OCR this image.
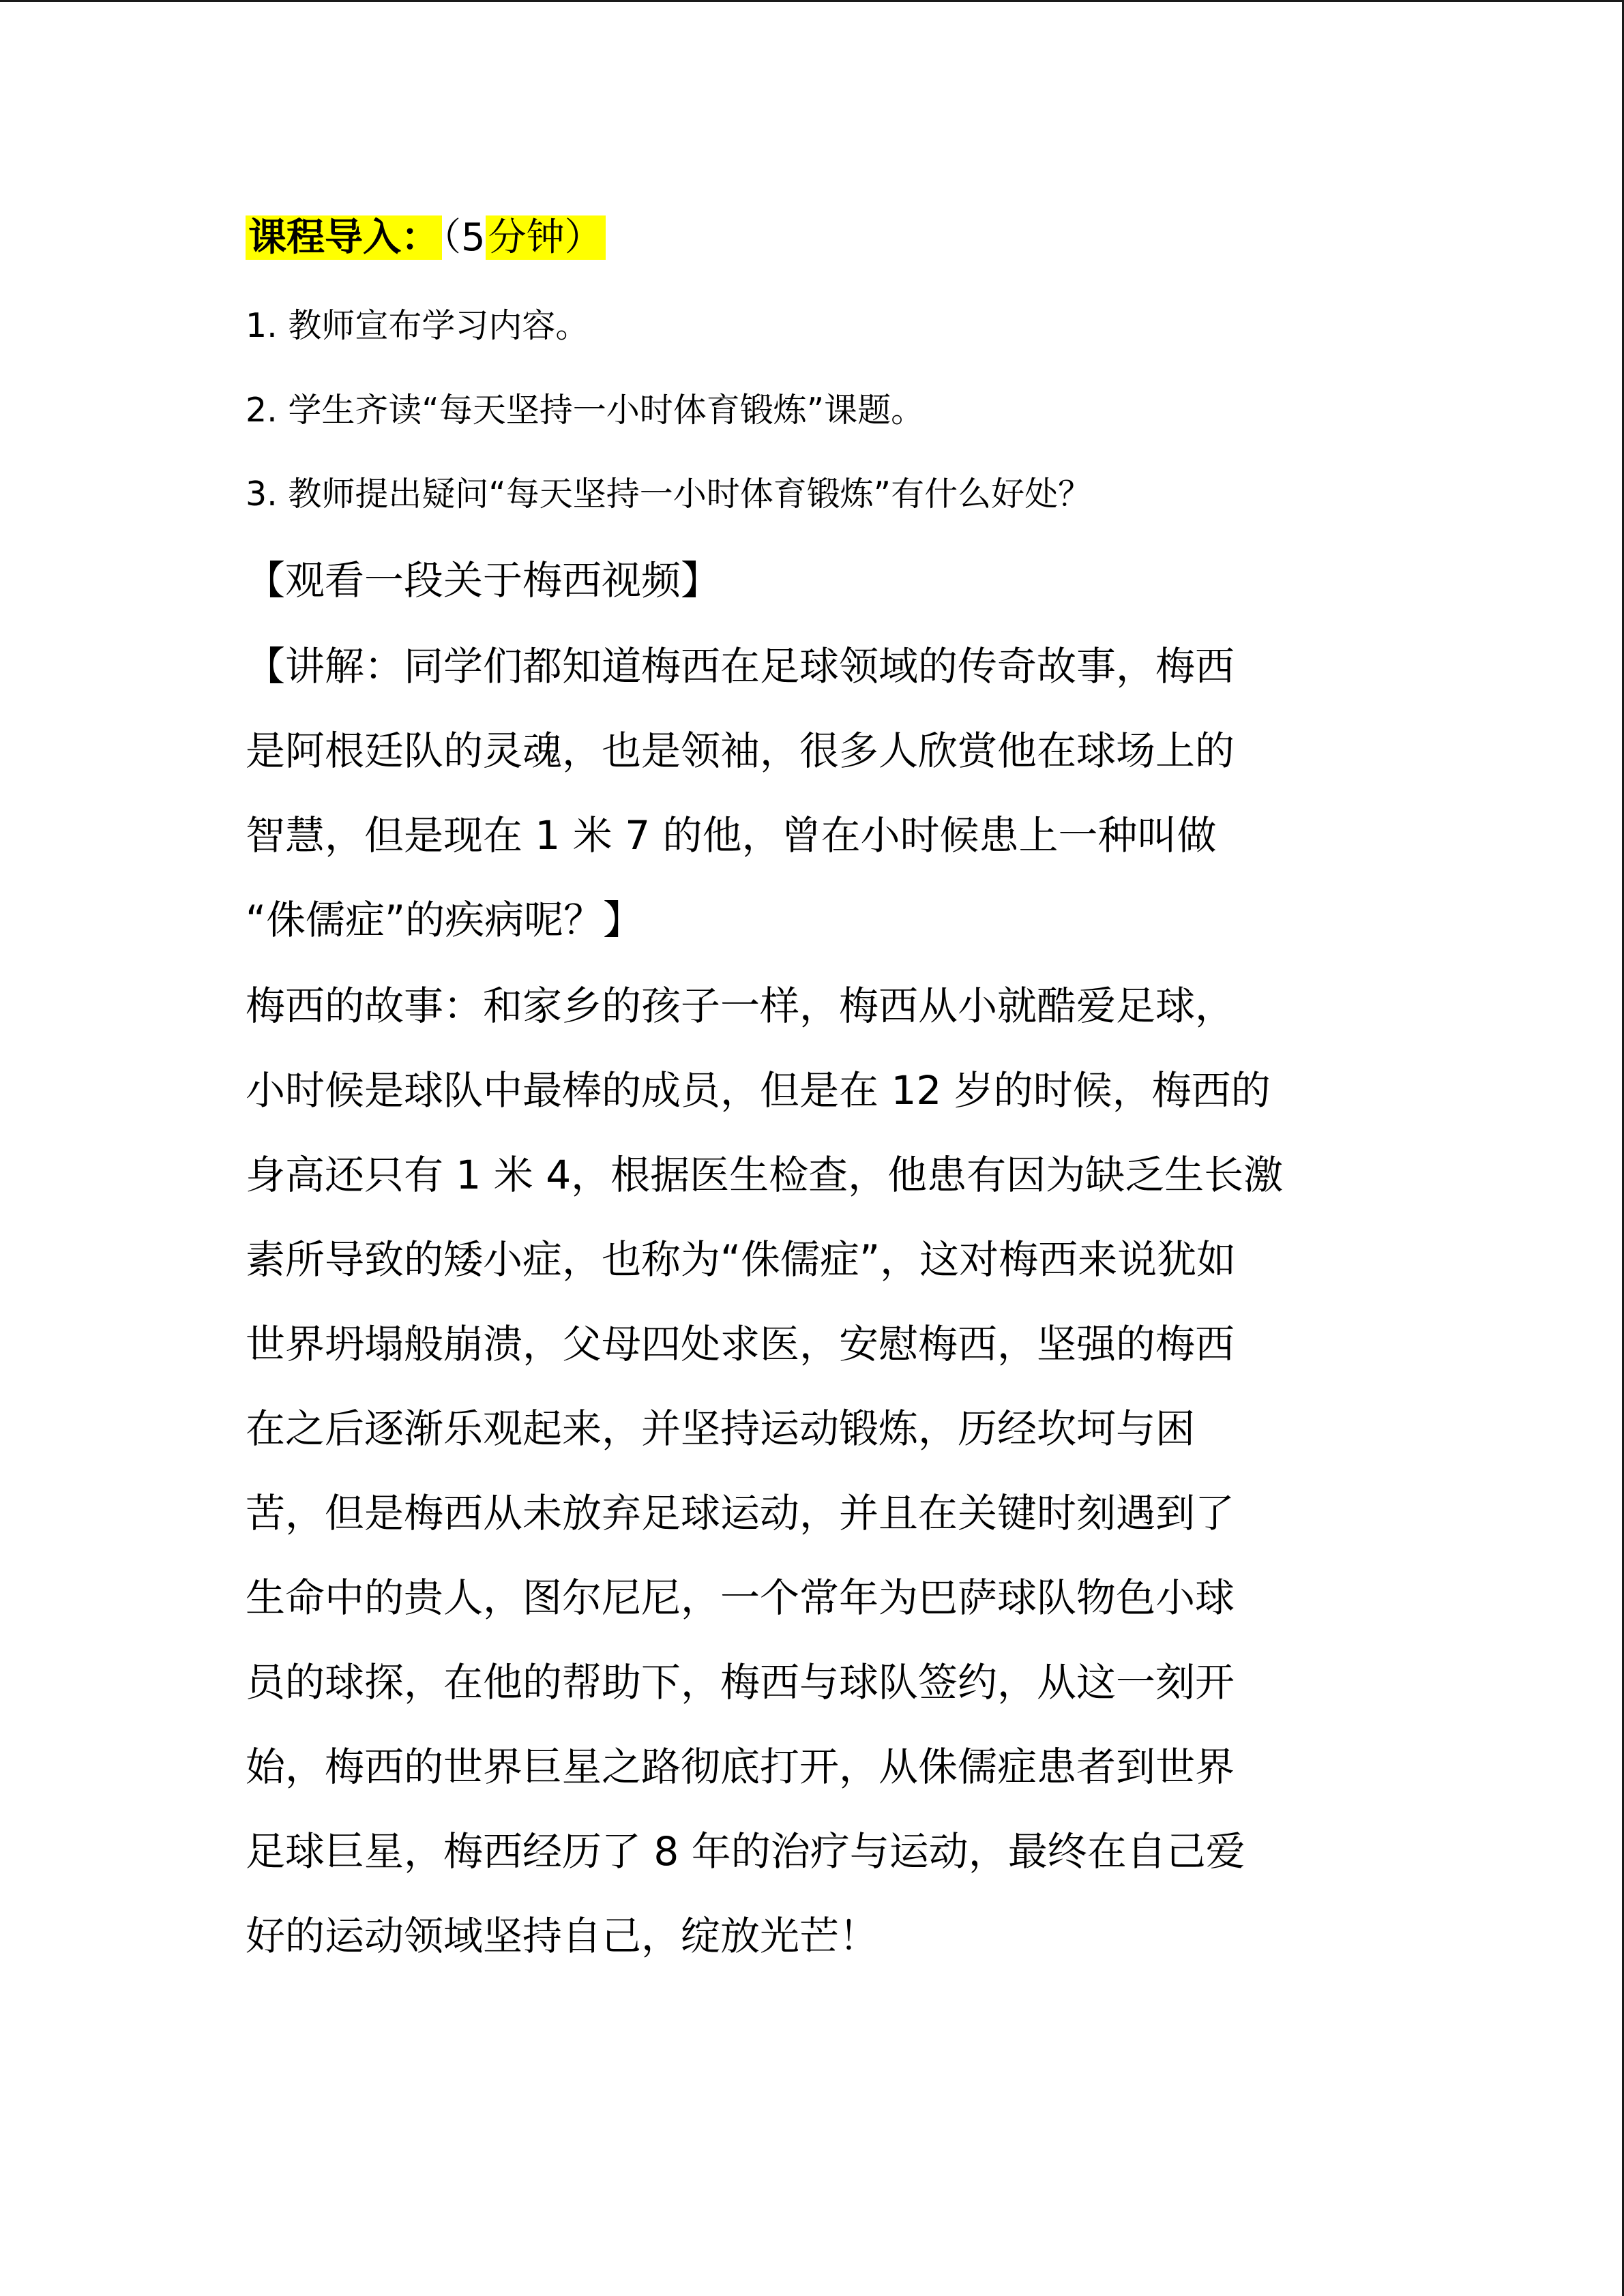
课程导入：（5分钟）
1. 教师宣布学习内容。
2. 学生齐读“每天坚持一小时体育锻炼”课题。
3. 教师提出疑问“每天坚持一小时体育锻炼”有什么好处？
【观看一段关于梅西视频】
【讲解：同学们都知道梅西在足球领域的传奇故事，梅西
是阿根廷队的灵魂，也是领袖，很多人欣赏他在球场上的
智慧，但是现在 1 米 7 的他，曾在小时候患上一种叫做
“侏儒症”的疾病呢？】
梅西的故事：和家乡的孩子一样，梅西从小就酷爱足球，
小时候是球队中最棒的成员，但是在 12 岁的时候，梅西的
身高还只有 1 米 4，根据医生检查，他患有因为缺乏生长激
素所导致的矮小症，也称为“侏儒症”，这对梅西来说犹如
世界坍塌般崩溃，父母四处求医，安慰梅西，坚强的梅西
在之后逐渐乐观起来，并坚持运动锻炼，历经坎坷与困
苦，但是梅西从未放弃足球运动，并且在关键时刻遇到了
生命中的贵人，图尔尼尼，一个常年为巴萨球队物色小球
员的球探，在他的帮助下，梅西与球队签约，从这一刻开
始，梅西的世界巨星之路彻底打开，从侏儒症患者到世界
足球巨星，梅西经历了 8 年的治疗与运动，最终在自己爱
好的运动领域坚持自己，绽放光芒！
